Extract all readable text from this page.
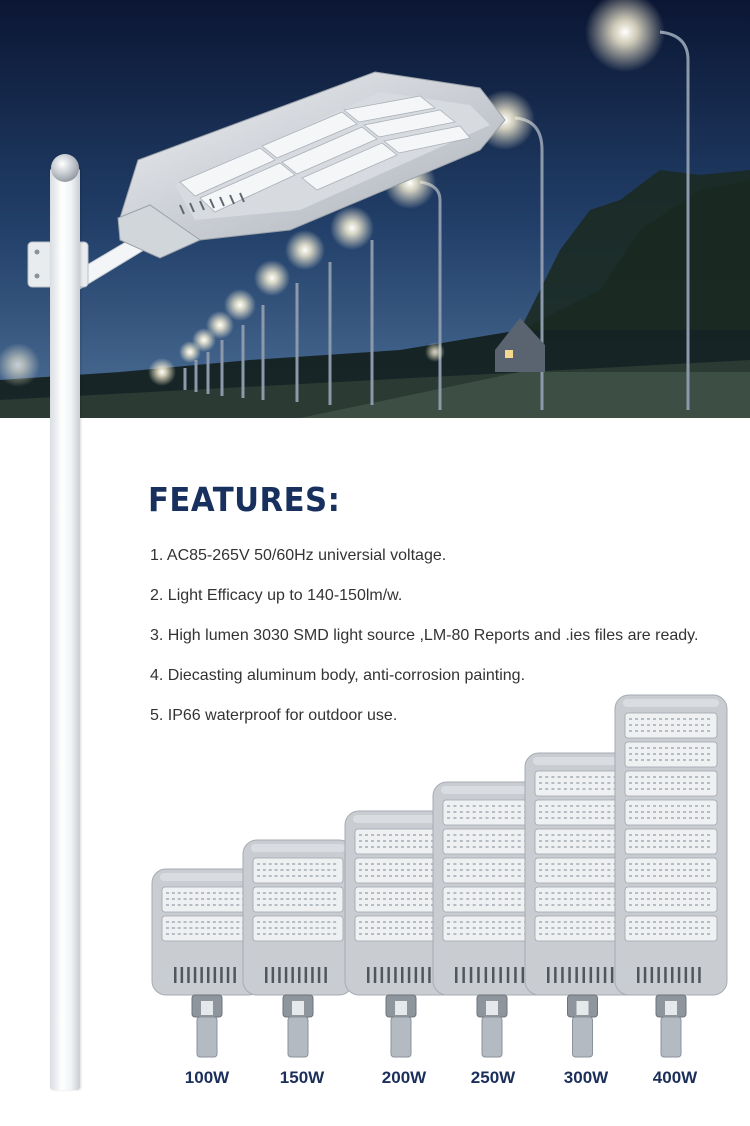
FEATURES:
1. AC85-265V 50/60Hz universial voltage.
2. Light Efficacy up to 140-150lm/w.
3. High lumen 3030 SMD light source ,LM-80 Reports and .ies files are ready.
4. Diecasting aluminum body, anti-corrosion painting.
5. IP66 waterproof for outdoor use.
100W	150W	200W	250W	300W	400W
